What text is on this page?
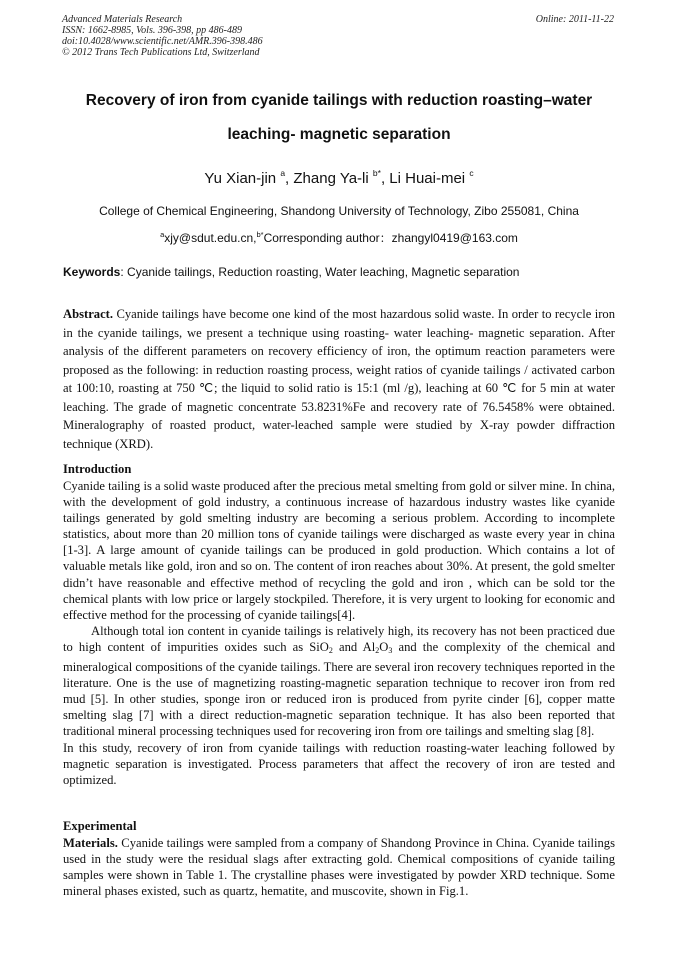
Advanced Materials Research
ISSN: 1662-8985, Vols. 396-398, pp 486-489
doi:10.4028/www.scientific.net/AMR.396-398.486
© 2012 Trans Tech Publications Ltd, Switzerland
Online: 2011-11-22
Recovery of iron from cyanide tailings with reduction roasting–water
leaching- magnetic separation
Yu Xian-jin $^a$, Zhang Ya-li $^{b*}$, Li Huai-mei $^c$
College of Chemical Engineering, Shandong University of Technology, Zibo 255081, China
$^a$xjy@sdut.edu.cn,$^{b*}$Corresponding author：zhangyl0419@163.com
Keywords: Cyanide tailings, Reduction roasting, Water leaching, Magnetic separation
Abstract. Cyanide tailings have become one kind of the most hazardous solid waste. In order to recycle iron in the cyanide tailings, we present a technique using roasting- water leaching- magnetic separation. After analysis of the different parameters on recovery efficiency of iron, the optimum reaction parameters were proposed as the following: in reduction roasting process, weight ratios of cyanide tailings / activated carbon at 100:10, roasting at 750 ℃; the liquid to solid ratio is 15:1 (ml /g), leaching at 60 ℃ for 5 min at water leaching. The grade of magnetic concentrate 53.8231%Fe and recovery rate of 76.5458% were obtained. Mineralography of roasted product, water-leached sample were studied by X-ray powder diffraction technique (XRD).
Introduction

Cyanide tailing is a solid waste produced after the precious metal smelting from gold or silver mine. In china, with the development of gold industry, a continuous increase of hazardous industry wastes like cyanide tailings generated by gold smelting industry are becoming a serious problem. According to incomplete statistics, about more than 20 million tons of cyanide tailings were discharged as waste every year in china [1-3]. A large amount of cyanide tailings can be produced in gold production. Which contains a lot of valuable metals like gold, iron and so on. The content of iron reaches about 30%. At present, the gold smelter didn’t have reasonable and effective method of recycling the gold and iron , which can be sold tor the chemical plants with low price or largely stockpiled. Therefore, it is very urgent to looking for economic and effective method for the processing of cyanide tailings[4].

Although total ion content in cyanide tailings is relatively high, its recovery has not been practiced due to high content of impurities oxides such as SiO$_2$ and $Al_2O_3$ and the complexity of the chemical and mineralogical compositions of the cyanide tailings. There are several iron recovery techniques reported in the literature. One is the use of magnetizing roasting-magnetic separation technique to recover iron from red mud [5]. In other studies, sponge iron or reduced iron is produced from pyrite cinder [6], copper matte smelting slag [7] with a direct reduction-magnetic separation technique. It has also been reported that traditional mineral processing techniques used for recovering iron from ore tailings and smelting slag [8].

In this study, recovery of iron from cyanide tailings with reduction roasting-water leaching followed by magnetic separation is investigated. Process parameters that affect the recovery of iron are tested and optimized.

Experimental

Materials. Cyanide tailings were sampled from a company of Shandong Province in China. Cyanide tailings used in the study were the residual slags after extracting gold. Chemical compositions of cyanide tailing samples were shown in Table 1. The crystalline phases were investigated by powder XRD technique. Some mineral phases existed, such as quartz, hematite, and muscovite, shown in Fig.1.
